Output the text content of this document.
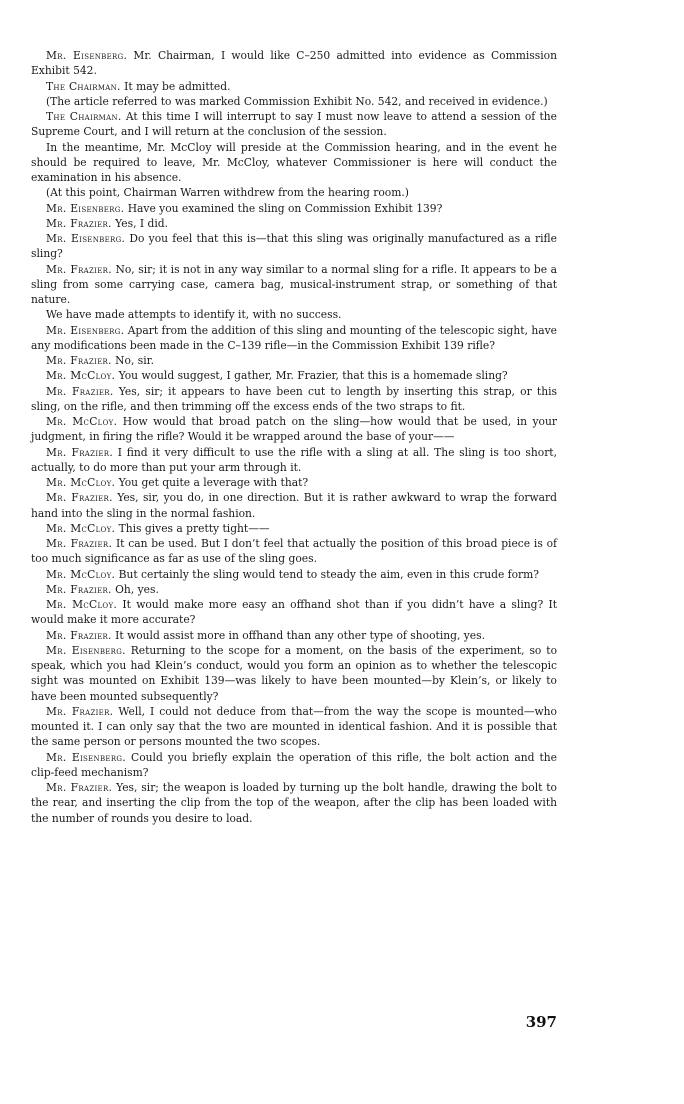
Mr. Eisenberg. Mr. Chairman, I would like C–250 admitted into evidence as Commission Exhibit 542.

The Chairman. It may be admitted.

(The article referred to was marked Commission Exhibit No. 542, and received in evidence.)

The Chairman. At this time I will interrupt to say I must now leave to attend a session of the Supreme Court, and I will return at the conclusion of the session.

In the meantime, Mr. McCloy will preside at the Commission hearing, and in the event he should be required to leave, Mr. McCloy, whatever Commissioner is here will conduct the examination in his absence.

(At this point, Chairman Warren withdrew from the hearing room.)

Mr. Eisenberg. Have you examined the sling on Commission Exhibit 139?

Mr. Frazier. Yes, I did.

Mr. Eisenberg. Do you feel that this is—that this sling was originally manufactured as a rifle sling?

Mr. Frazier. No, sir; it is not in any way similar to a normal sling for a rifle. It appears to be a sling from some carrying case, camera bag, musical-instrument strap, or something of that nature.

We have made attempts to identify it, with no success.

Mr. Eisenberg. Apart from the addition of this sling and mounting of the telescopic sight, have any modifications been made in the C–139 rifle—in the Commission Exhibit 139 rifle?

Mr. Frazier. No, sir.

Mr. McCloy. You would suggest, I gather, Mr. Frazier, that this is a homemade sling?

Mr. Frazier. Yes, sir; it appears to have been cut to length by inserting this strap, or this sling, on the rifle, and then trimming off the excess ends of the two straps to fit.

Mr. McCloy. How would that broad patch on the sling—how would that be used, in your judgment, in firing the rifle? Would it be wrapped around the base of your——

Mr. Frazier. I find it very difficult to use the rifle with a sling at all. The sling is too short, actually, to do more than put your arm through it.

Mr. McCloy. You get quite a leverage with that?

Mr. Frazier. Yes, sir, you do, in one direction. But it is rather awkward to wrap the forward hand into the sling in the normal fashion.

Mr. McCloy. This gives a pretty tight——

Mr. Frazier. It can be used. But I don’t feel that actually the position of this broad piece is of too much significance as far as use of the sling goes.

Mr. McCloy. But certainly the sling would tend to steady the aim, even in this crude form?

Mr. Frazier. Oh, yes.

Mr. McCloy. It would make more easy an offhand shot than if you didn’t have a sling? It would make it more accurate?

Mr. Frazier. It would assist more in offhand than any other type of shooting, yes.

Mr. Eisenberg. Returning to the scope for a moment, on the basis of the experiment, so to speak, which you had Klein’s conduct, would you form an opinion as to whether the telescopic sight was mounted on Exhibit 139—was likely to have been mounted—by Klein’s, or likely to have been mounted subsequently?

Mr. Frazier. Well, I could not deduce from that—from the way the scope is mounted—who mounted it. I can only say that the two are mounted in identical fashion. And it is possible that the same person or persons mounted the two scopes.

Mr. Eisenberg. Could you briefly explain the operation of this rifle, the bolt action and the clip-feed mechanism?

Mr. Frazier. Yes, sir; the weapon is loaded by turning up the bolt handle, drawing the bolt to the rear, and inserting the clip from the top of the weapon, after the clip has been loaded with the number of rounds you desire to load.

397
